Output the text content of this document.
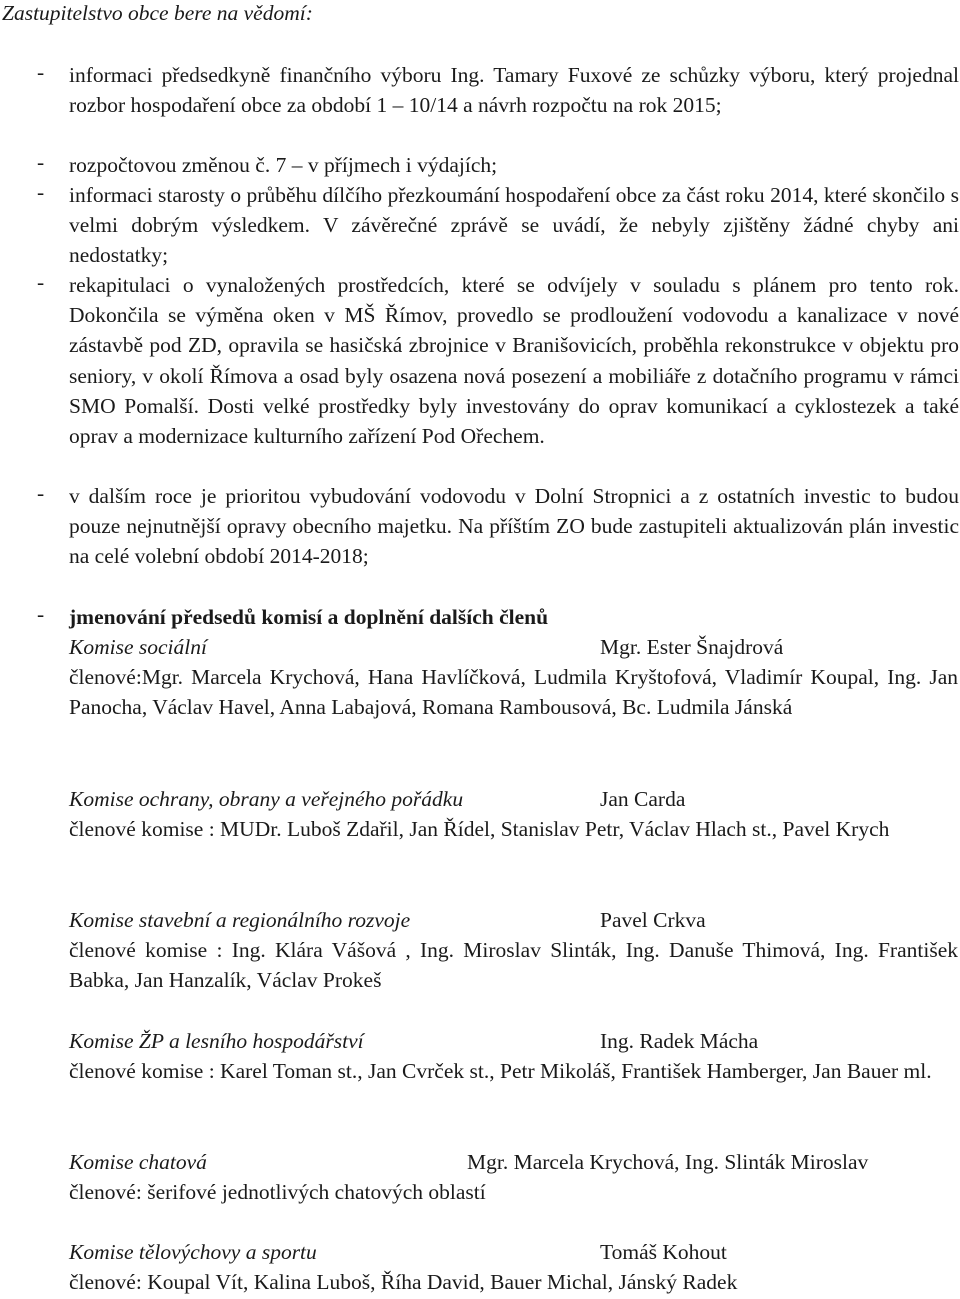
Zastupitelstvo obce bere na vědomí:
- informaci předsedkyně finančního výboru Ing. Tamary Fuxové ze schůzky výboru, který projednal rozbor hospodaření obce za období 1 – 10/14 a návrh rozpočtu na rok 2015;
- rozpočtovou změnou č. 7 – v příjmech i výdajích;
- informaci starosty o průběhu dílčího přezkoumání hospodaření obce za část roku 2014, které skončilo s velmi dobrým výsledkem. V závěrečné zprávě se uvádí, že nebyly zjištěny žádné chyby ani nedostatky;
- rekapitulaci o vynaložených prostředcích, které se odvíjely v souladu s plánem pro tento rok. Dokončila se výměna oken v MŠ Římov, provedlo se prodloužení vodovodu a kanalizace v nové zástavbě pod ZD, opravila se hasičská zbrojnice v Branišovicích, proběhla rekonstrukce v objektu pro seniory, v okolí Římova a osad byly osazena nová posezení a mobiliáře z dotačního programu v rámci SMO Pomalší. Dosti velké prostředky byly investovány do oprav komunikací a cyklostezek a také oprav a modernizace kulturního zařízení Pod Ořechem.
- v dalším roce je prioritou vybudování vodovodu v Dolní Stropnici a z ostatních investic to budou pouze nejnutnější opravy obecního majetku. Na příštím ZO bude zastupiteli aktualizován plán investic na celé volební období 2014-2018;
- jmenování předsedů komisí a doplnění dalších členů
Komise sociální	Mgr. Ester Šnajdrová
členové:Mgr. Marcela Krychová, Hana Havlíčková, Ludmila Kryštofová, Vladimír Koupal, Ing. Jan Panocha, Václav Havel, Anna Labajová, Romana Rambousová, Bc. Ludmila Jánská
Komise ochrany, obrany a veřejného pořádku	Jan Carda
členové komise : MUDr. Luboš Zdařil, Jan Řídel, Stanislav Petr, Václav Hlach st., Pavel Krych
Komise stavební a regionálního rozvoje	Pavel Crkva
členové komise : Ing. Klára Vášová , Ing. Miroslav Slinták, Ing. Danuše Thimová, Ing. František Babka, Jan Hanzalík, Václav Prokeš
Komise ŽP a lesního hospodářství	Ing. Radek Mácha
členové komise : Karel Toman st., Jan Cvrček st., Petr Mikoláš, František Hamberger, Jan Bauer ml.
Komise chatová	Mgr. Marcela Krychová, Ing. Slinták Miroslav
členové: šerifové jednotlivých chatových oblastí
Komise tělovýchovy a sportu	Tomáš Kohout
členové: Koupal Vít, Kalina Luboš, Říha David, Bauer Michal, Jánský Radek
